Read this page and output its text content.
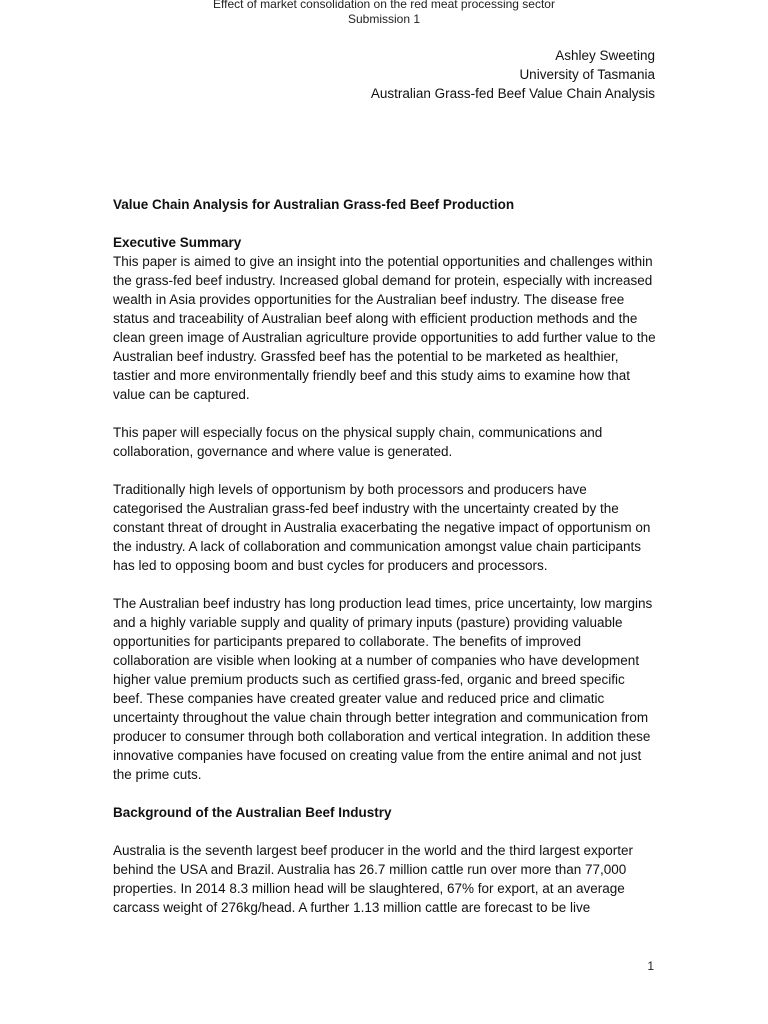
Effect of market consolidation on the red meat processing sector
Submission 1
Ashley Sweeting
University of Tasmania
Australian Grass-fed Beef Value Chain Analysis

Value Chain Analysis for Australian Grass-fed Beef Production

Executive Summary

This paper is aimed to give an insight into the potential opportunities and challenges within the grass-fed beef industry. Increased global demand for protein, especially with increased wealth in Asia provides opportunities for the Australian beef industry. The disease free status and traceability of Australian beef along with efficient production methods and the clean green image of Australian agriculture provide opportunities to add further value to the Australian beef industry. Grassfed beef has the potential to be marketed as healthier, tastier and more environmentally friendly beef and this study aims to examine how that value can be captured.

This paper will especially focus on the physical supply chain, communications and collaboration, governance and where value is generated.

Traditionally high levels of opportunism by both processors and producers have categorised the Australian grass-fed beef industry with the uncertainty created by the constant threat of drought in Australia exacerbating the negative impact of opportunism on the industry. A lack of collaboration and communication amongst value chain participants has led to opposing boom and bust cycles for producers and processors.

The Australian beef industry has long production lead times, price uncertainty, low margins and a highly variable supply and quality of primary inputs (pasture) providing valuable opportunities for participants prepared to collaborate. The benefits of improved collaboration are visible when looking at a number of companies who have development higher value premium products such as certified grass-fed, organic and breed specific beef. These companies have created greater value and reduced price and climatic uncertainty throughout the value chain through better integration and communication from producer to consumer through both collaboration and vertical integration. In addition these innovative companies have focused on creating value from the entire animal and not just the prime cuts.

Background of the Australian Beef Industry

Australia is the seventh largest beef producer in the world and the third largest exporter behind the USA and Brazil. Australia has 26.7 million cattle run over more than 77,000 properties. In 2014 8.3 million head will be slaughtered, 67% for export, at an average carcass weight of 276kg/head. A further 1.13 million cattle are forecast to be live

1
